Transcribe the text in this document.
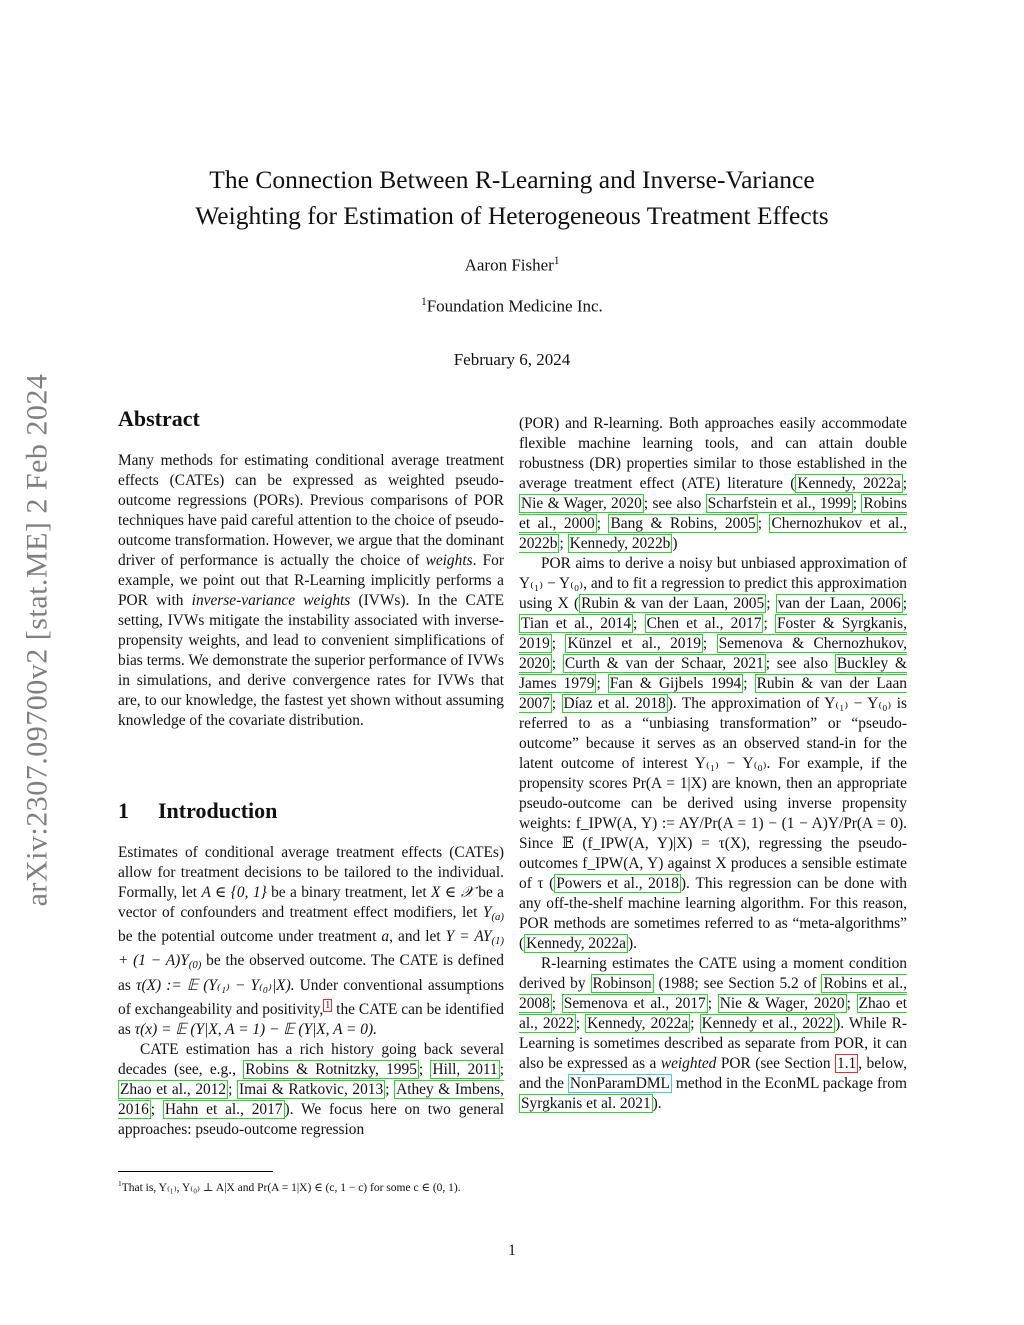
arXiv:2307.09700v2 [stat.ME] 2 Feb 2024
The Connection Between R-Learning and Inverse-Variance
Weighting for Estimation of Heterogeneous Treatment Effects
Aaron Fisher$^1$
$^1$Foundation Medicine Inc.
February 6, 2024
Abstract

Many methods for estimating conditional average treatment effects (CATEs) can be expressed as weighted pseudo-outcome regressions (PORs). Previous comparisons of POR techniques have paid careful attention to the choice of pseudo-outcome transformation. However, we argue that the dominant driver of performance is actually the choice of weights. For example, we point out that R-Learning implicitly performs a POR with inverse-variance weights (IVWs). In the CATE setting, IVWs mitigate the instability associated with inverse-propensity weights, and lead to convenient simplifications of bias terms. We demonstrate the superior performance of IVWs in simulations, and derive convergence rates for IVWs that are, to our knowledge, the fastest yet shown without assuming knowledge of the covariate distribution.

1 Introduction

Estimates of conditional average treatment effects (CATEs) allow for treatment decisions to be tailored to the individual. Formally, let A ∈ {0, 1} be a binary treatment, let X ∈ 𝒳 be a vector of confounders and treatment effect modifiers, let $Y_{(a)}$ be the potential outcome under treatment a, and let $Y = AY_{(1)} + (1 - A)Y_{(0)}$ be the observed outcome. The CATE is defined as τ(X) := 𝔼 (Y₍₁₎ − Y₍₀₎|X). Under conventional assumptions of exchangeability and positivity, $^1$ the CATE can be identified as τ(x) = 𝔼 (Y|X, A = 1) − 𝔼 (Y|X, A = 0).

CATE estimation has a rich history going back several decades (see, e.g., Robins & Rotnitzky, 1995 ; Hill, 2011 ; Zhao et al., 2012 ; Imai & Ratkovic, 2013 ; Athey & Imbens, 2016 ; Hahn et al., 2017 ). We focus here on two general approaches: pseudo-outcome regression

$^1$That is, Y₍₁₎, Y₍₀₎ ⊥ A|X and Pr(A = 1|X) ∈ (c, 1 − c) for some c ∈ (0, 1).

(POR) and R-learning. Both approaches easily accommodate flexible machine learning tools, and can attain double robustness (DR) properties similar to those established in the average treatment effect (ATE) literature ( Kennedy, 2022a ; Nie & Wager, 2020 ; see also Scharfstein et al., 1999 ; Robins et al., 2000 ; Bang & Robins, 2005 ; Chernozhukov et al., 2022b ; Kennedy, 2022b )

POR aims to derive a noisy but unbiased approximation of Y₍₁₎ − Y₍₀₎, and to fit a regression to predict this approximation using X ( Rubin & van der Laan, 2005 ; van der Laan, 2006 ; Tian et al., 2014 ; Chen et al., 2017 ; Foster & Syrgkanis, 2019 ; Künzel et al., 2019 ; Semenova & Chernozhukov, 2020 ; Curth & van der Schaar, 2021 ; see also Buckley & James 1979 ; Fan & Gijbels 1994 ; Rubin & van der Laan 2007 ; Díaz et al. 2018 ). The approximation of Y₍₁₎ − Y₍₀₎ is referred to as a “unbiasing transformation” or “pseudo-outcome” because it serves as an observed stand-in for the latent outcome of interest Y₍₁₎ − Y₍₀₎. For example, if the propensity scores Pr(A = 1|X) are known, then an appropriate pseudo-outcome can be derived using inverse propensity weights: f_IPW(A, Y) := AY/Pr(A = 1) − (1 − A)Y/Pr(A = 0). Since 𝔼 (f_IPW(A, Y)|X) = τ(X), regressing the pseudo-outcomes f_IPW(A, Y) against X produces a sensible estimate of τ ( Powers et al., 2018 ). This regression can be done with any off-the-shelf machine learning algorithm. For this reason, POR methods are sometimes referred to as “meta-algorithms” ( Kennedy, 2022a ).

R-learning estimates the CATE using a moment condition derived by Robinson (1988; see Section 5.2 of Robins et al., 2008 ; Semenova et al., 2017 ; Nie & Wager, 2020 ; Zhao et al., 2022 ; Kennedy, 2022a ; Kennedy et al., 2022 ). While R-Learning is sometimes described as separate from POR, it can also be expressed as a weighted POR (see Section 1.1 , below, and the NonParamDML method in the EconML package from Syrgkanis et al. 2021 ).

1
